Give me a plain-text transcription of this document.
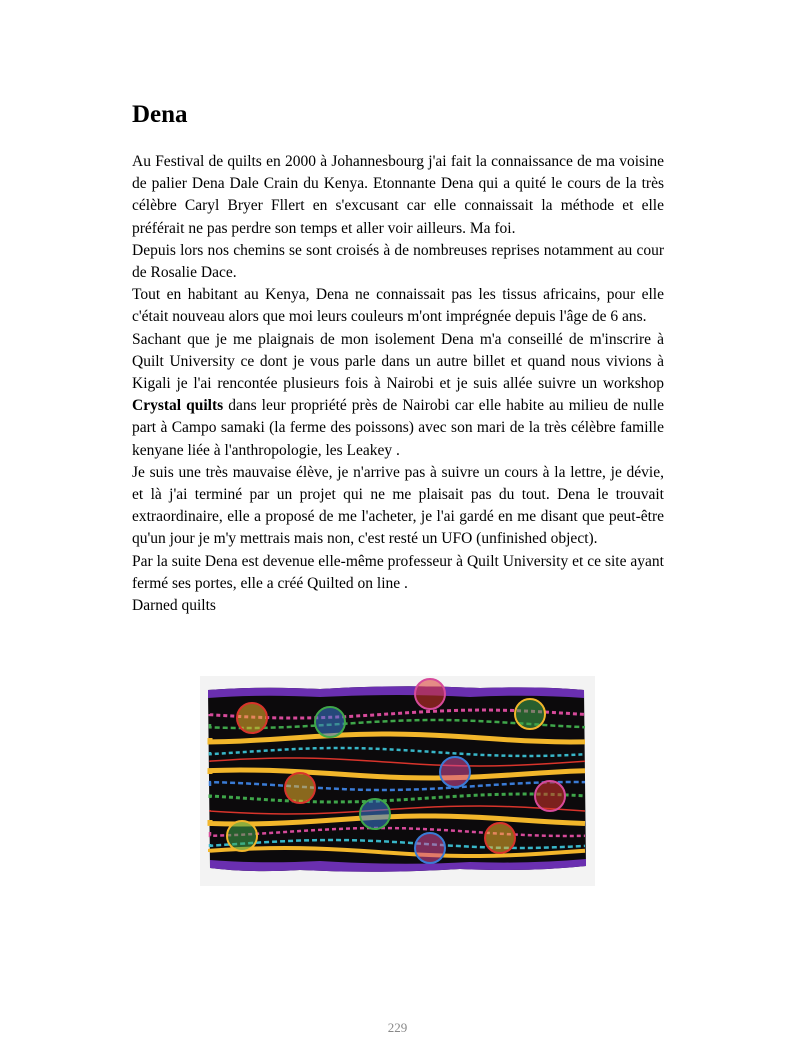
Dena

Au Festival de quilts en 2000 à Johannesbourg j'ai fait la connaissance de ma voisine de palier Dena Dale Crain du Kenya. Etonnante Dena qui a quité le cours de la très célèbre Caryl Bryer Fllert en s'excusant car elle connaissait la méthode et elle préférait ne pas perdre son temps et aller voir ailleurs. Ma foi.

Depuis lors nos chemins se sont croisés à de nombreuses reprises notamment au cour de Rosalie Dace.

Tout en habitant au Kenya, Dena ne connaissait pas les tissus africains, pour elle c'était nouveau alors que moi leurs couleurs m'ont imprégnée depuis l'âge de 6 ans.

Sachant que je me plaignais de mon isolement Dena m'a conseillé de m'inscrire à Quilt University ce dont je vous parle dans un autre billet et quand nous vivions à Kigali je l'ai rencontée plusieurs fois à Nairobi et je suis allée suivre un workshop Crystal quilts dans leur propriété près de Nairobi car elle habite au milieu de nulle part à Campo samaki (la ferme des poissons) avec son mari de la très célèbre famille kenyane liée à l'anthropologie, les Leakey .

Je suis une très mauvaise élève, je n'arrive pas à suivre un cours à la lettre, je dévie, et là j'ai terminé par un projet qui ne me plaisait pas du tout. Dena le trouvait extraordinaire, elle a proposé de me l'acheter, je l'ai gardé en me disant que peut-être qu'un jour je m'y mettrais mais non, c'est resté un UFO (unfinished object).

Par la suite Dena est devenue elle-même professeur à Quilt University et ce site ayant fermé ses portes, elle a créé Quilted on line .

Darned quilts

229
